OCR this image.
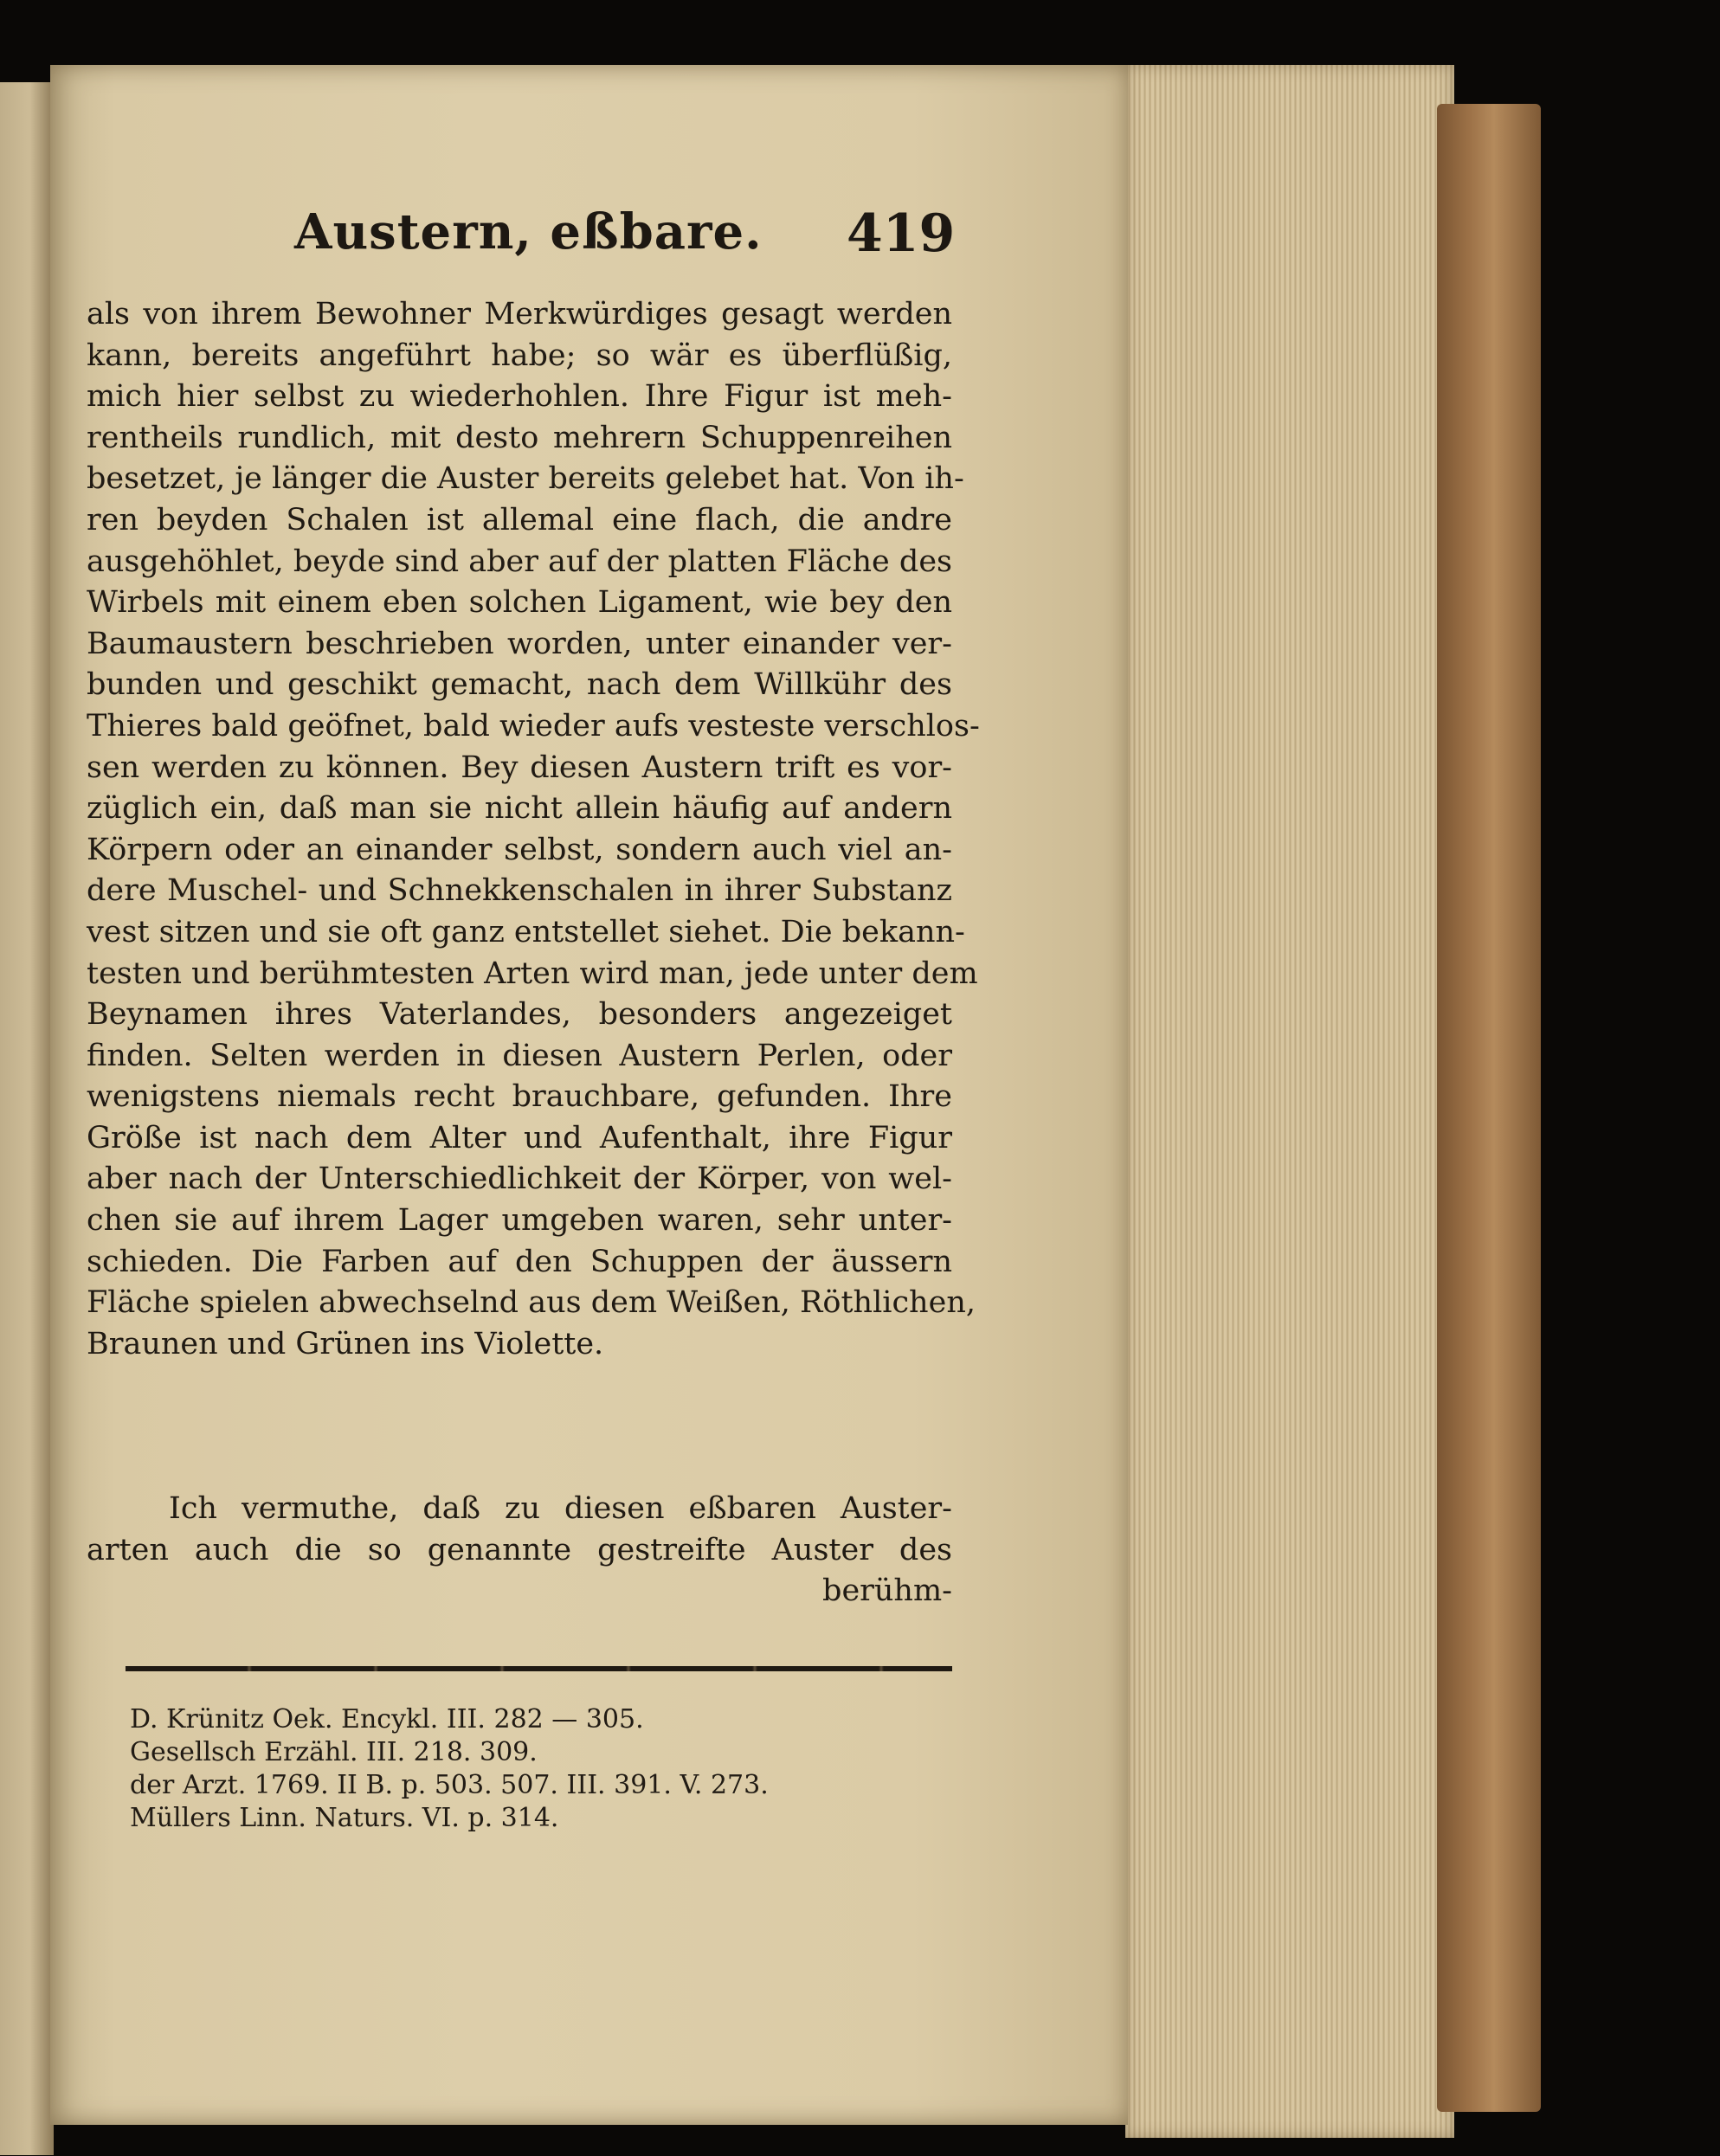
Austern, eßbare. 419
als von ihrem Bewohner Merkwürdiges gesagt werden
kann, bereits angeführt habe; so wär es überflüßig,
mich hier selbst zu wiederhohlen. Ihre Figur ist meh-
rentheils rundlich, mit desto mehrern Schuppenreihen
besetzet, je länger die Auster bereits gelebet hat. Von ih-
ren beyden Schalen ist allemal eine flach, die andre
ausgehöhlet, beyde sind aber auf der platten Fläche des
Wirbels mit einem eben solchen Ligament, wie bey den
Baumaustern beschrieben worden, unter einander ver-
bunden und geschikt gemacht, nach dem Willkühr des
Thieres bald geöfnet, bald wieder aufs vesteste verschlos-
sen werden zu können. Bey diesen Austern trift es vor-
züglich ein, daß man sie nicht allein häufig auf andern
Körpern oder an einander selbst, sondern auch viel an-
dere Muschel- und Schnekkenschalen in ihrer Substanz
vest sitzen und sie oft ganz entstellet siehet. Die bekann-
testen und berühmtesten Arten wird man, jede unter dem
Beynamen ihres Vaterlandes, besonders angezeiget
finden. Selten werden in diesen Austern Perlen, oder
wenigstens niemals recht brauchbare, gefunden. Ihre
Größe ist nach dem Alter und Aufenthalt, ihre Figur
aber nach der Unterschiedlichkeit der Körper, von wel-
chen sie auf ihrem Lager umgeben waren, sehr unter-
schieden. Die Farben auf den Schuppen der äussern
Fläche spielen abwechselnd aus dem Weißen, Röthlichen,
Braunen und Grünen ins Violette.
Ich vermuthe, daß zu diesen eßbaren Auster-
arten auch die so genannte gestreifte Auster des
berühm-
D. Krünitz Oek. Encykl. III. 282 — 305.
Gesellsch Erzähl. III. 218. 309.
der Arzt. 1769. II B. p. 503. 507. III. 391. V. 273.
Müllers Linn. Naturs. VI. p. 314.
